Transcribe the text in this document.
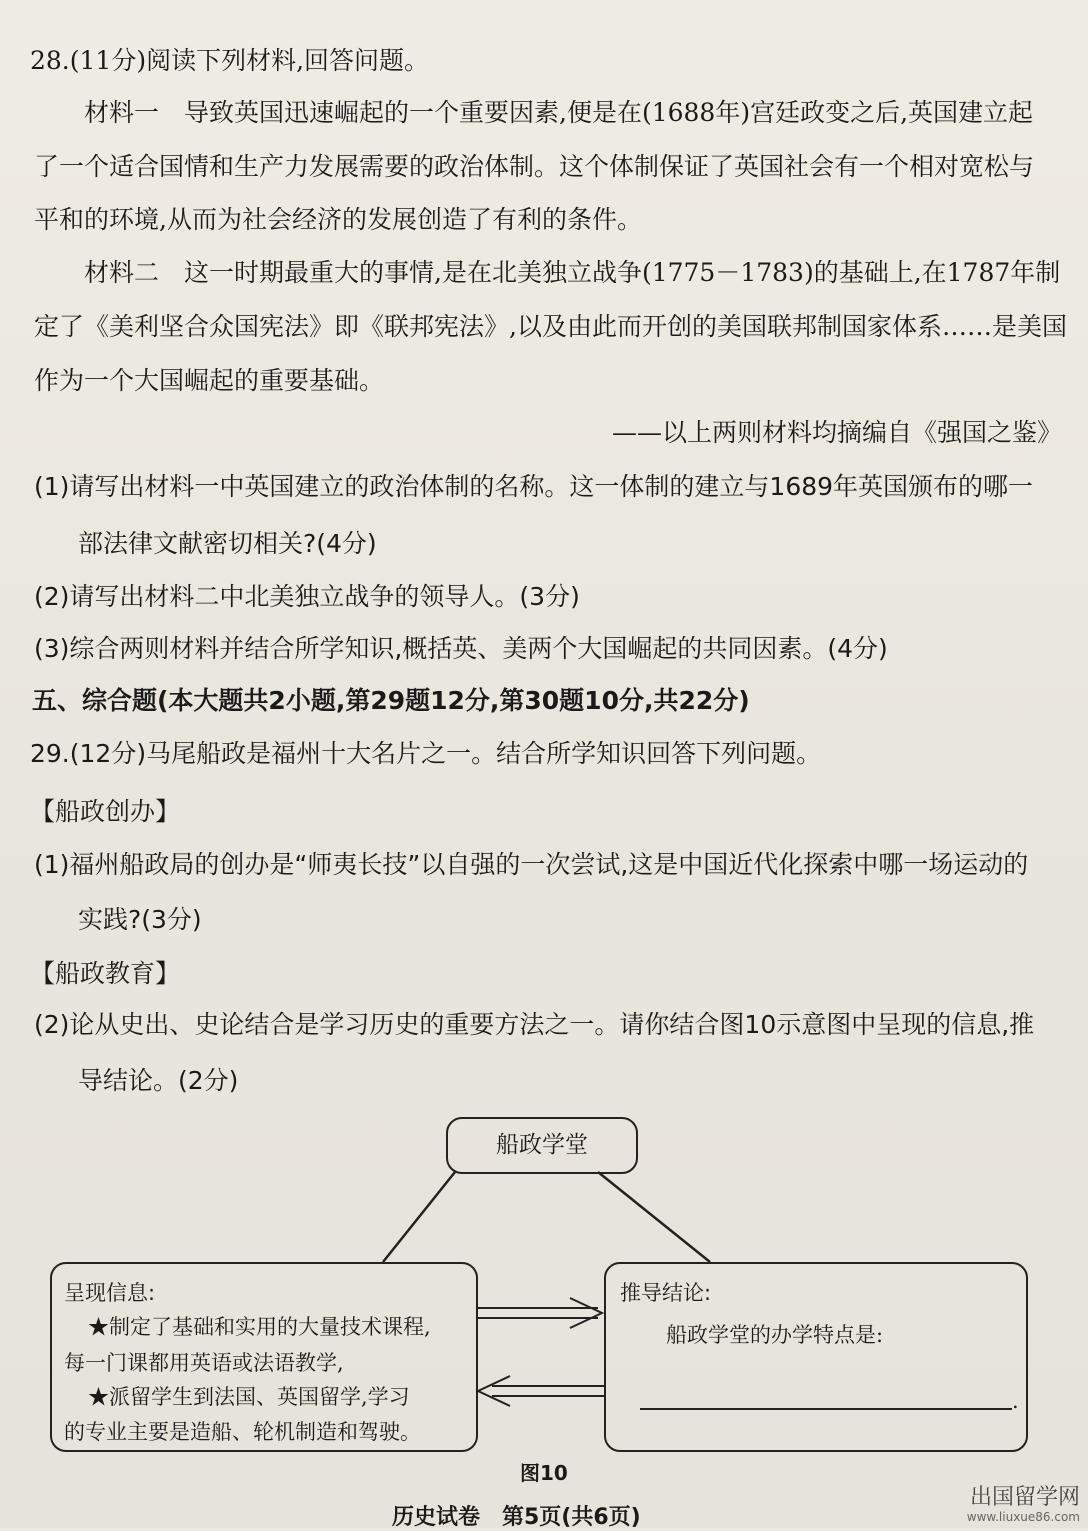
28.(11分)阅读下列材料,回答问题。
材料一　导致英国迅速崛起的一个重要因素,便是在(1688年)宫廷政变之后,英国建立起
了一个适合国情和生产力发展需要的政治体制。这个体制保证了英国社会有一个相对宽松与
平和的环境,从而为社会经济的发展创造了有利的条件。
材料二　这一时期最重大的事情,是在北美独立战争(1775－1783)的基础上,在1787年制
定了《美利坚合众国宪法》即《联邦宪法》,以及由此而开创的美国联邦制国家体系……是美国
作为一个大国崛起的重要基础。
——以上两则材料均摘编自《强国之鉴》
(1)请写出材料一中英国建立的政治体制的名称。这一体制的建立与1689年英国颁布的哪一
部法律文献密切相关?(4分)
(2)请写出材料二中北美独立战争的领导人。(3分)
(3)综合两则材料并结合所学知识,概括英、美两个大国崛起的共同因素。(4分)
五、综合题(本大题共2小题,第29题12分,第30题10分,共22分)
29.(12分)马尾船政是福州十大名片之一。结合所学知识回答下列问题。
【船政创办】
(1)福州船政局的创办是“师夷长技”以自强的一次尝试,这是中国近代化探索中哪一场运动的
实践?(3分)
【船政教育】
(2)论从史出、史论结合是学习历史的重要方法之一。请你结合图10示意图中呈现的信息,推
导结论。(2分)
船政学堂
呈现信息:
★制定了基础和实用的大量技术课程,
每一门课都用英语或法语教学,
★派留学生到法国、英国留学,学习
的专业主要是造船、轮机制造和驾驶。
推导结论:
船政学堂的办学特点是:
.
图10
历史试卷　第5页(共6页)
出国留学网
www.liuxue86.com
